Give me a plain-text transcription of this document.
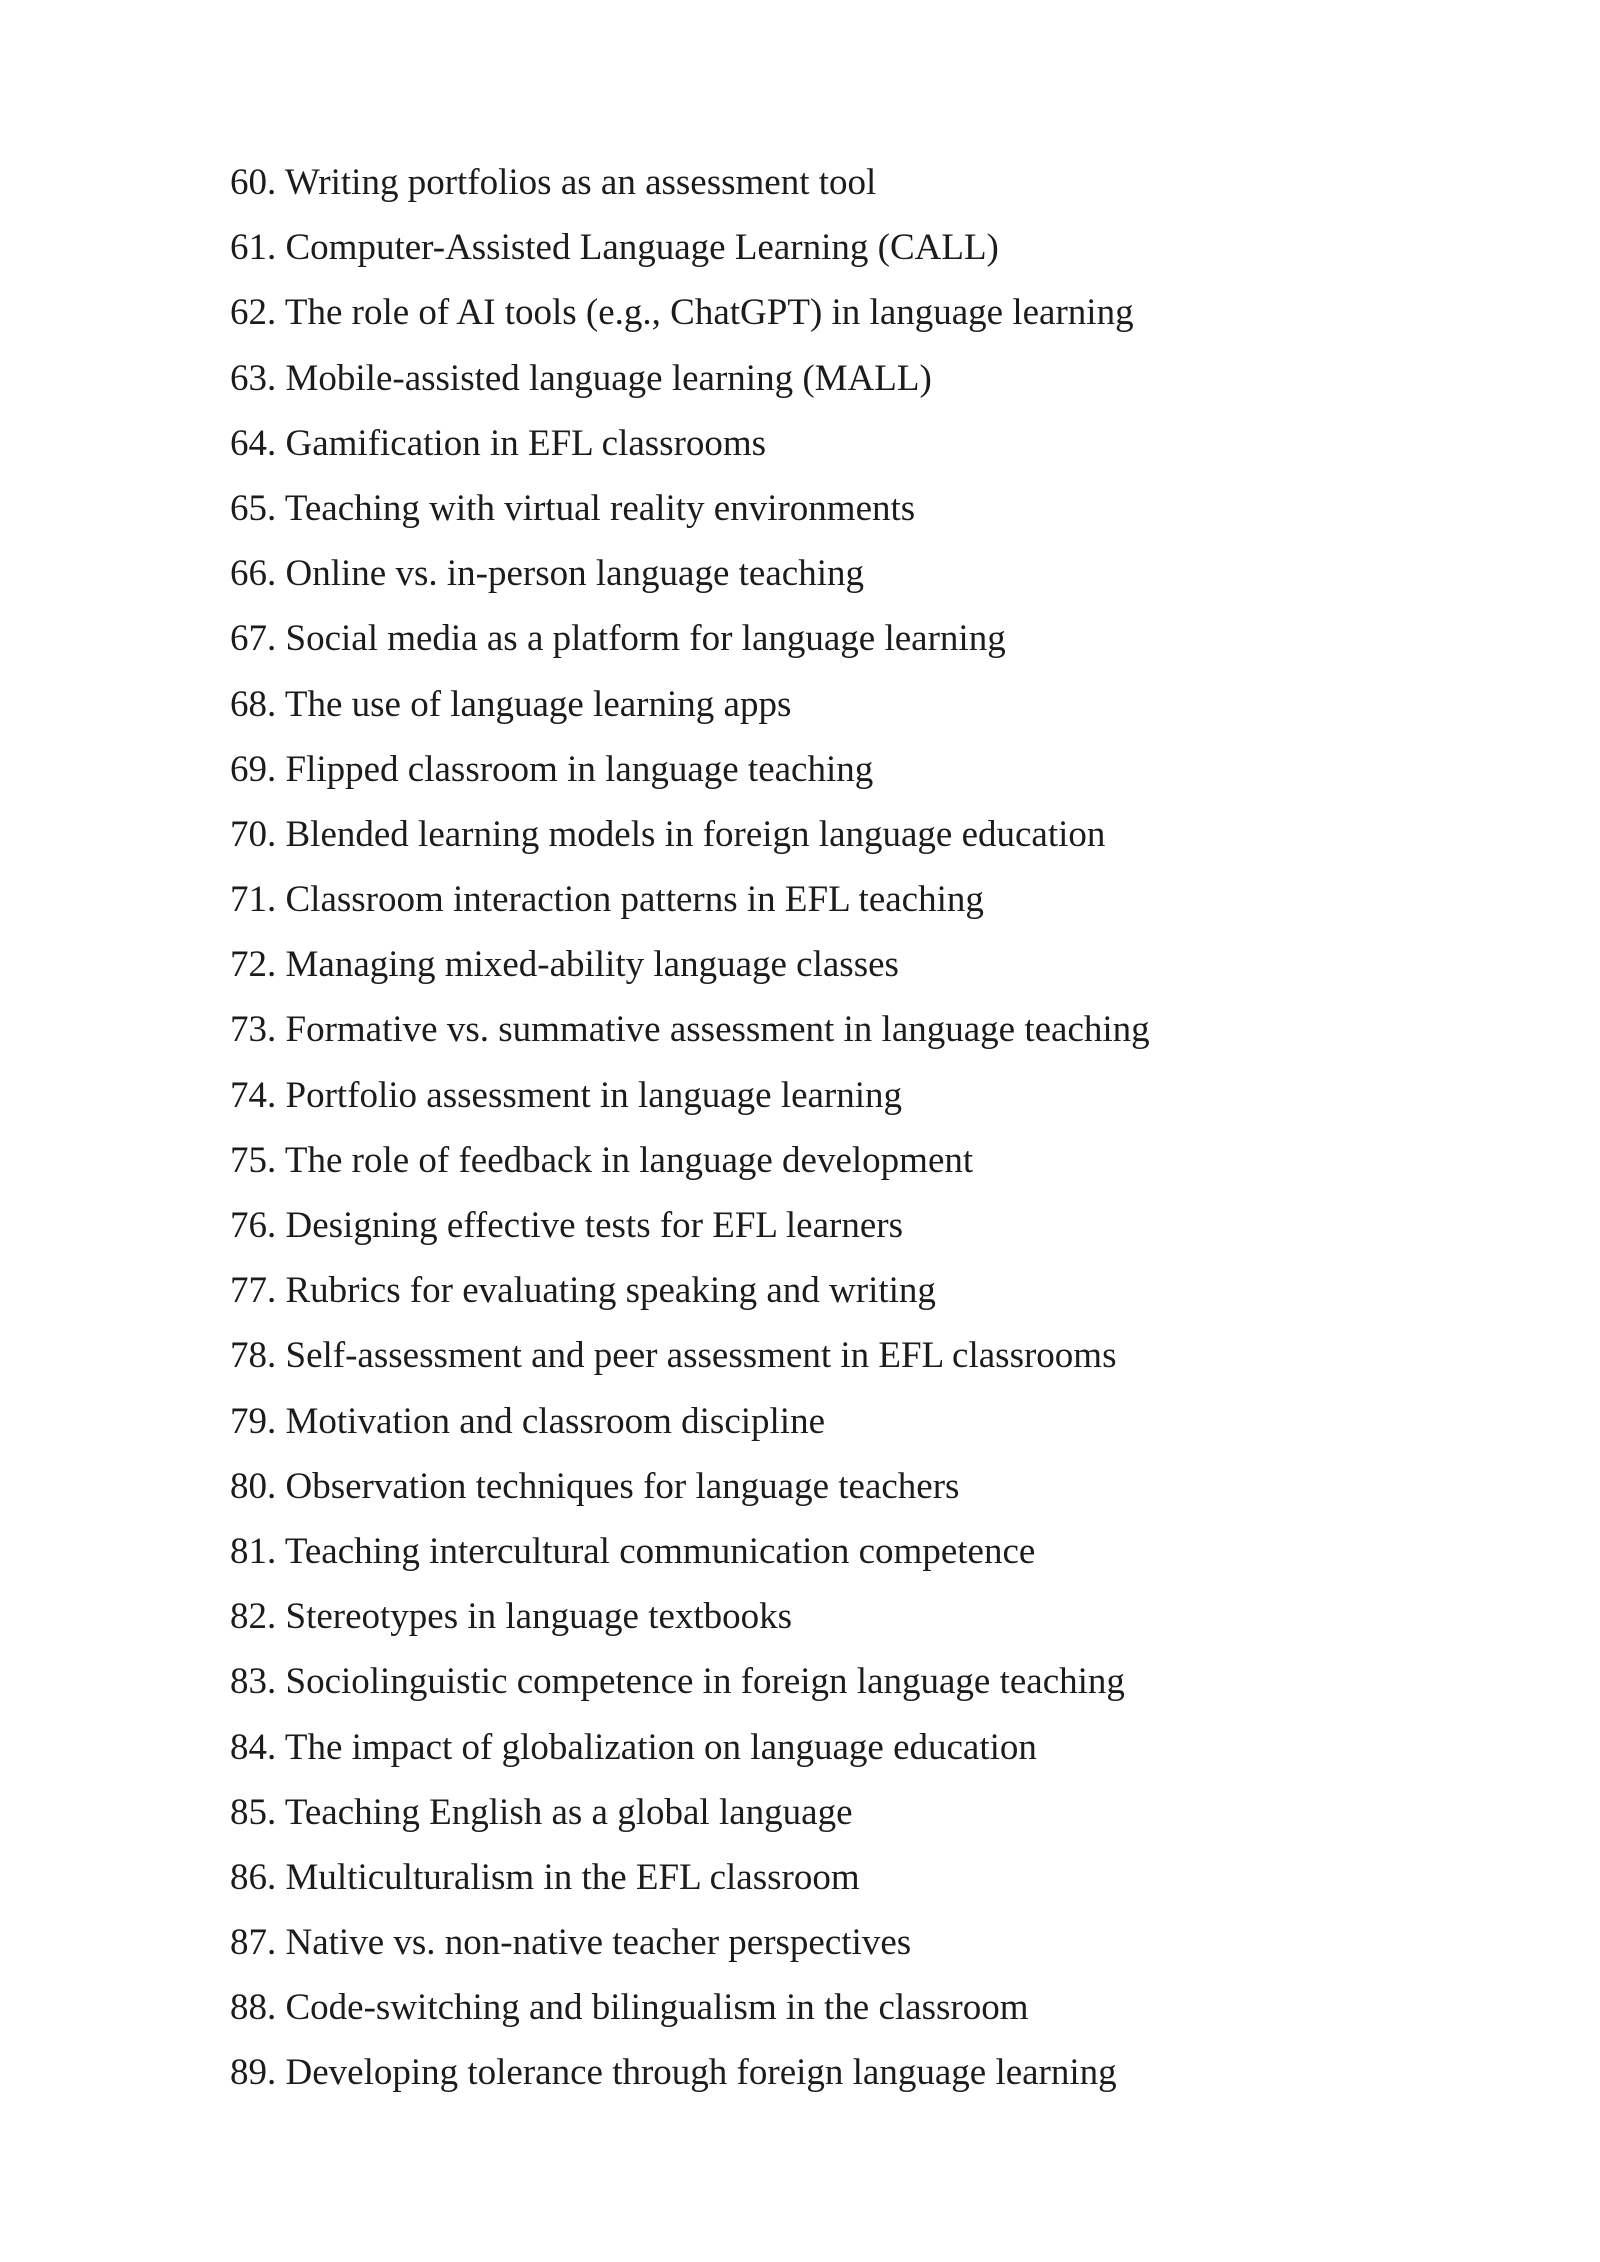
60. Writing portfolios as an assessment tool
61. Computer-Assisted Language Learning (CALL)
62. The role of AI tools (e.g., ChatGPT) in language learning
63. Mobile-assisted language learning (MALL)
64. Gamification in EFL classrooms
65. Teaching with virtual reality environments
66. Online vs. in-person language teaching
67. Social media as a platform for language learning
68. The use of language learning apps
69. Flipped classroom in language teaching
70. Blended learning models in foreign language education
71. Classroom interaction patterns in EFL teaching
72. Managing mixed-ability language classes
73. Formative vs. summative assessment in language teaching
74. Portfolio assessment in language learning
75. The role of feedback in language development
76. Designing effective tests for EFL learners
77. Rubrics for evaluating speaking and writing
78. Self-assessment and peer assessment in EFL classrooms
79. Motivation and classroom discipline
80. Observation techniques for language teachers
81. Teaching intercultural communication competence
82. Stereotypes in language textbooks
83. Sociolinguistic competence in foreign language teaching
84. The impact of globalization on language education
85. Teaching English as a global language
86. Multiculturalism in the EFL classroom
87. Native vs. non-native teacher perspectives
88. Code-switching and bilingualism in the classroom
89. Developing tolerance through foreign language learning
